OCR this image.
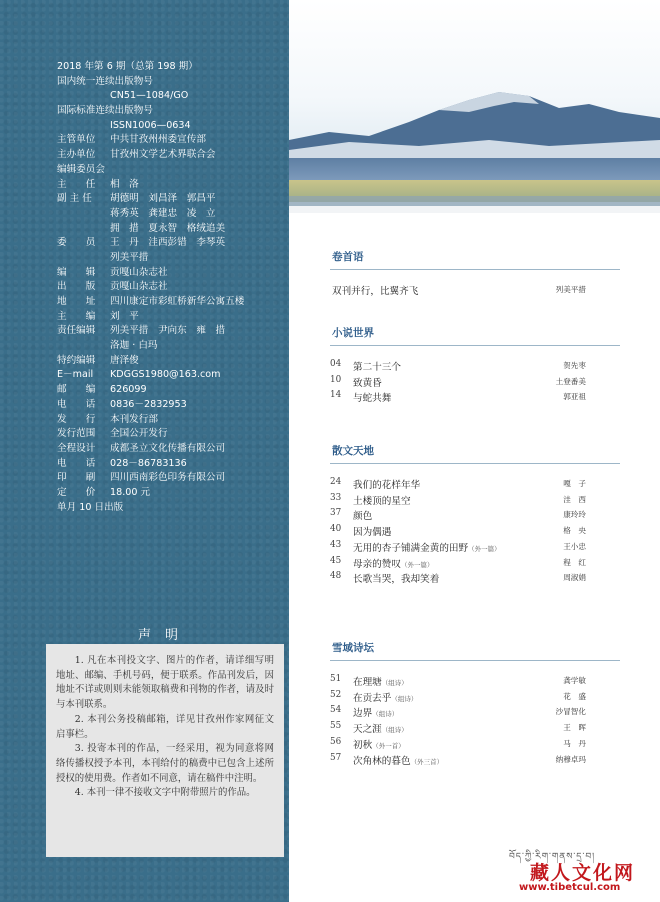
2018 年第 6 期（总第 198 期）
国内统一连续出版物号
CN51—1084/GO
国际标准连续出版物号
ISSN1006—0634
主管单位	中共甘孜州州委宣传部
主办单位	甘孜州文学艺术界联合会
编辑委员会
主　　任	相　洛
副 主 任	胡德明　刘昌泽　郭昌平
蒋秀英　龚建忠　凌　立
拥　措　夏永智　格绒追美
委　　员	王　丹　洼西彭错　李琴英
列美平措
编　　辑	贡嘎山杂志社
出　　版	贡嘎山杂志社
地　　址	四川康定市彩虹桥新华公寓五楼
主　　编	刘　平
责任编辑	列美平措　尹向东　雍　措
洛迦 · 白玛
特约编辑	唐泽俊
E－mail	KDGGS1980@163.com
邮　　编	626099
电　　话	0836－2832953
发　　行	本刊发行部
发行范围	全国公开发行
全程设计	成都圣立文化传播有限公司
电　　话	028－86783136
印　　刷	四川西南彩色印务有限公司
定　　价	18.00 元
单月 10 日出版
声明

1. 凡在本刊投文字、图片的作者，请详细写明地址、邮编、手机号码，便于联系。作品刊发后，因地址不详或则则未能领取稿费和刊物的作者，请及时与本刊联系。

2. 本刊公务投稿邮箱，详见甘孜州作家网征文启事栏。

3. 投寄本刊的作品，一经采用，视为同意将网络传播权授予本刊，本刊给付的稿费中已包含上述所授权的使用费。作者如不同意，请在稿件中注明。

4. 本刊一律不接收文字中附带照片的作品。

卷首语
双刊并行，比翼齐飞	列美平措
小说世界
04	第二十三个	贺先枣
10	致黄昏	土登番美
14	与蛇共舞	郭亚祖
散文天地
24	我们的花样年华	嘎　子
33	土楼顶的星空	洼　西
37	颜色	康玲玲
40	因为偶遇	格　央
43	无用的杏子铺满金黄的田野（外一篇）	王小忠
45	母亲的赞叹（外一篇）	程　红
48	长歌当哭，我却笑着	周淑娟
雪域诗坛
51	在理塘（组诗）	龚学敏
52	在贡去乎（组诗）	花　盛
54	边界（组诗）	沙冒智化
55	天之涯（组诗）	王　晖
56	初秋（外一首）	马　丹
57	次角林的暮色（外三首）	纳穆卓玛
བོད་ཀྱི་རིག་གནས་དྲ་བ།
藏人文化网
www.tibetcul.com
